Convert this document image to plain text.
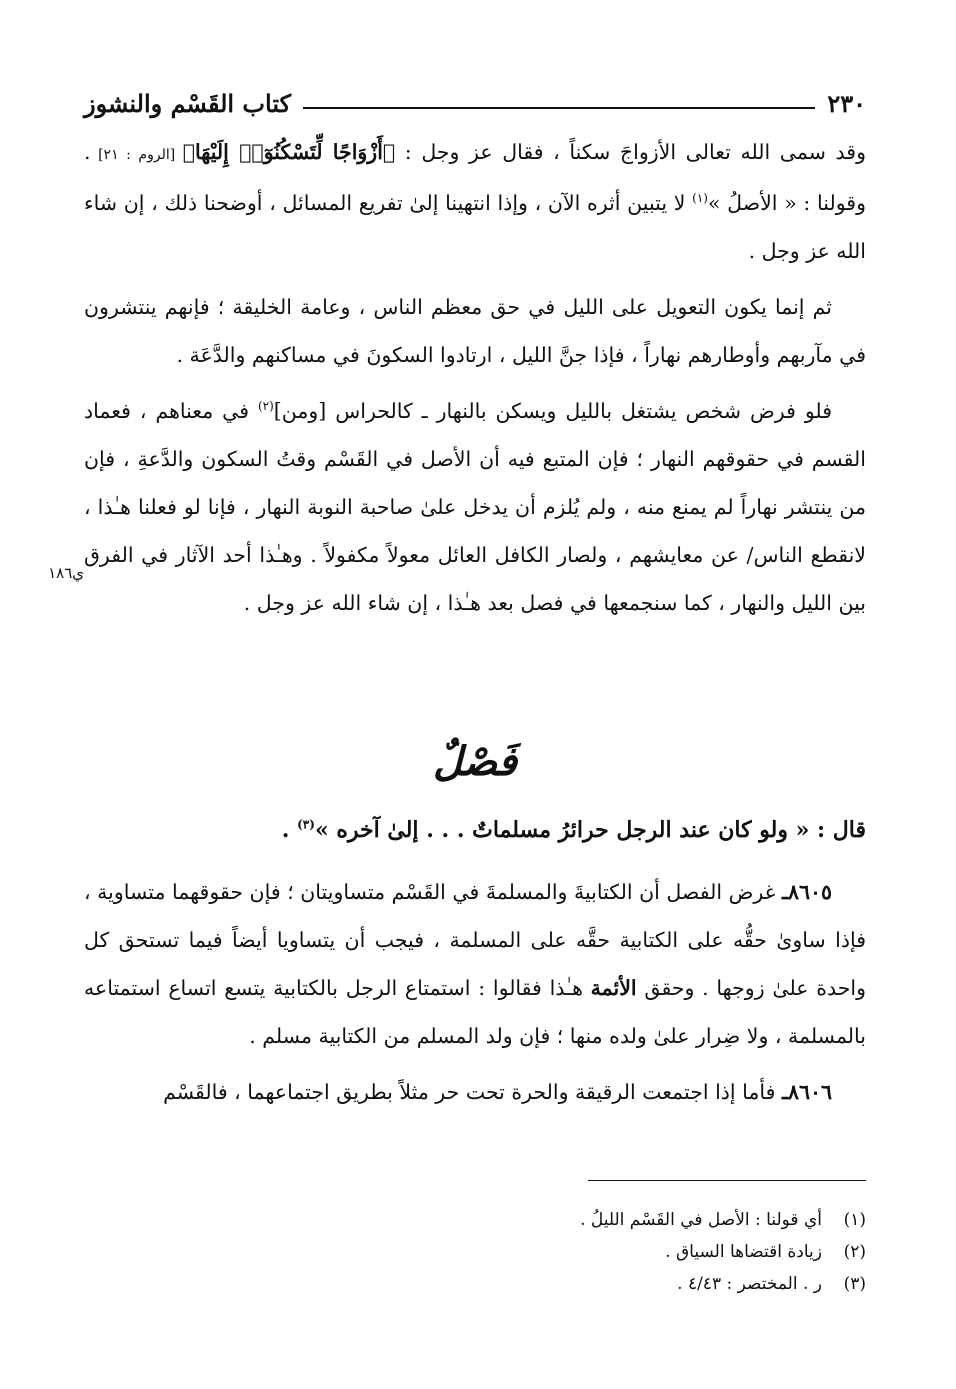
٢٣٠
كتاب القَسْم والنشوز

وقد سمى الله تعالى الأزواجَ سكناً ، فقال عز وجل : ﴿أَزْوَاجًا لِّتَسْكُنُوٓا۟ إِلَيْهَا﴾ [الروم : ٢١] . وقولنا : « الأصلُ »$^{(١)}$ لا يتبين أثره الآن ، وإذا انتهينا إلىٰ تفريع المسائل ، أوضحنا ذلك ، إن شاء الله عز وجل .

ثم إنما يكون التعويل على الليل في حق معظم الناس ، وعامة الخليقة ؛ فإنهم ينتشرون في مآربهم وأوطارهم نهاراً ، فإذا جنَّ الليل ، ارتادوا السكونَ في مساكنهم والدَّعَة .

فلو فرض شخص يشتغل بالليل ويسكن بالنهار ـ كالحراس [ومن]$^{(٢)}$ في معناهم ، فعماد القسم في حقوقهم النهار ؛ فإن المتبع فيه أن الأصل في القَسْم وقتُ السكون والدَّعةِ ، فإن من ينتشر نهاراً لم يمنع منه ، ولم يُلزم أن يدخل علىٰ صاحبة النوبة النهار ، فإنا لو فعلنا هـٰذا ، لانقطع الناس/ عن معايشهم ، ولصار الكافل العائل معولاً مكفولاً . وهـٰذا أحد الآثار في الفرق بين الليل والنهار ، كما سنجمعها في فصل بعد هـٰذا ، إن شاء الله عز وجل .

ي١٨٦
فَصْلٌ
قال : « ولو كان عند الرجل حرائرُ مسلماتٌ . . . إلىٰ آخره »$^{(٣)}$ .

٨٦٠٥ـ غرض الفصل أن الكتابيةَ والمسلمةَ في القَسْم متساويتان ؛ فإن حقوقهما متساوية ، فإذا ساوىٰ حقُّه على الكتابية حقَّه على المسلمة ، فيجب أن يتساويا أيضاً فيما تستحق كل واحدة علىٰ زوجها . وحقق الأئمة هـٰذا فقالوا : استمتاع الرجل بالكتابية يتسع اتساع استمتاعه بالمسلمة ، ولا ضِرار علىٰ ولده منها ؛ فإن ولد المسلم من الكتابية مسلم .

٨٦٠٦ـ فأما إذا اجتمعت الرقيقة والحرة تحت حر مثلاً بطريق اجتماعهما ، فالقَسْم

(١)
أي قولنا : الأصل في القَسْم الليلُ .
(٢)
زيادة اقتضاها السياق .
(٣)
ر . المختصر : ٤/٤٣ .
